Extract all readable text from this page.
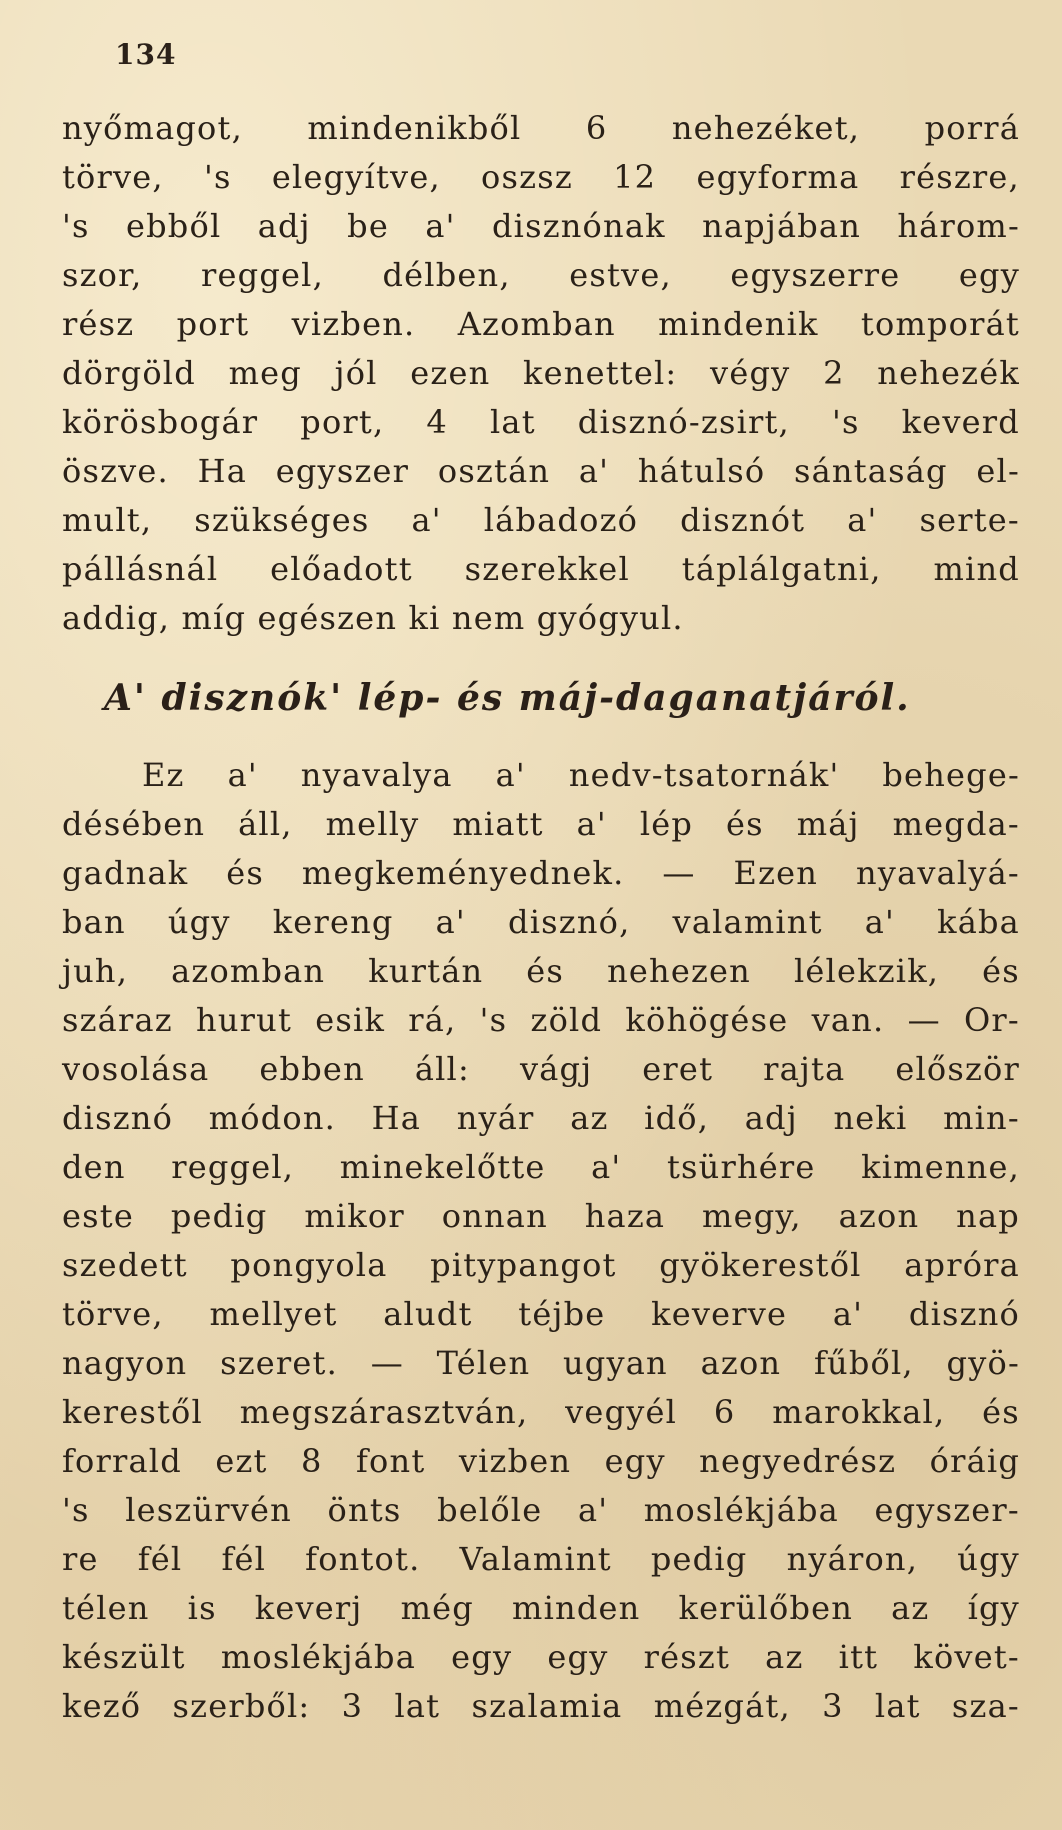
134
nyőmagot, mindenikből 6 nehezéket, porrá
törve, 's elegyítve, oszsz 12 egyforma részre,
's ebből adj be a' disznónak napjában három-
szor, reggel, délben, estve, egyszerre egy
rész port vizben. Azomban mindenik tomporát
dörgöld meg jól ezen kenettel: végy 2 nehezék
körösbogár port, 4 lat disznó-zsirt, 's keverd
öszve. Ha egyszer osztán a' hátulsó sántaság el-
mult, szükséges a' lábadozó disznót a' serte-
pállásnál előadott szerekkel táplálgatni, mind
addig, míg egészen ki nem gyógyul.
A' disznók' lép- és máj-daganatjáról.
Ez a' nyavalya a' nedv-tsatornák' behege-
désében áll, melly miatt a' lép és máj megda-
gadnak és megkeményednek. — Ezen nyavalyá-
ban úgy kereng a' disznó, valamint a' kába
juh, azomban kurtán és nehezen lélekzik, és
száraz hurut esik rá, 's zöld köhögése van. — Or-
vosolása ebben áll: vágj eret rajta először
disznó módon. Ha nyár az idő, adj neki min-
den reggel, minekelőtte a' tsürhére kimenne,
este pedig mikor onnan haza megy, azon nap
szedett pongyola pitypangot gyökerestől apróra
törve, mellyet aludt téjbe keverve a' disznó
nagyon szeret. — Télen ugyan azon fűből, gyö-
kerestől megszárasztván, vegyél 6 marokkal, és
forrald ezt 8 font vizben egy negyedrész óráig
's leszürvén önts belőle a' moslékjába egyszer-
re fél fél fontot. Valamint pedig nyáron, úgy
télen is keverj még minden kerülőben az így
készült moslékjába egy egy részt az itt követ-
kező szerből: 3 lat szalamia mézgát, 3 lat sza-
